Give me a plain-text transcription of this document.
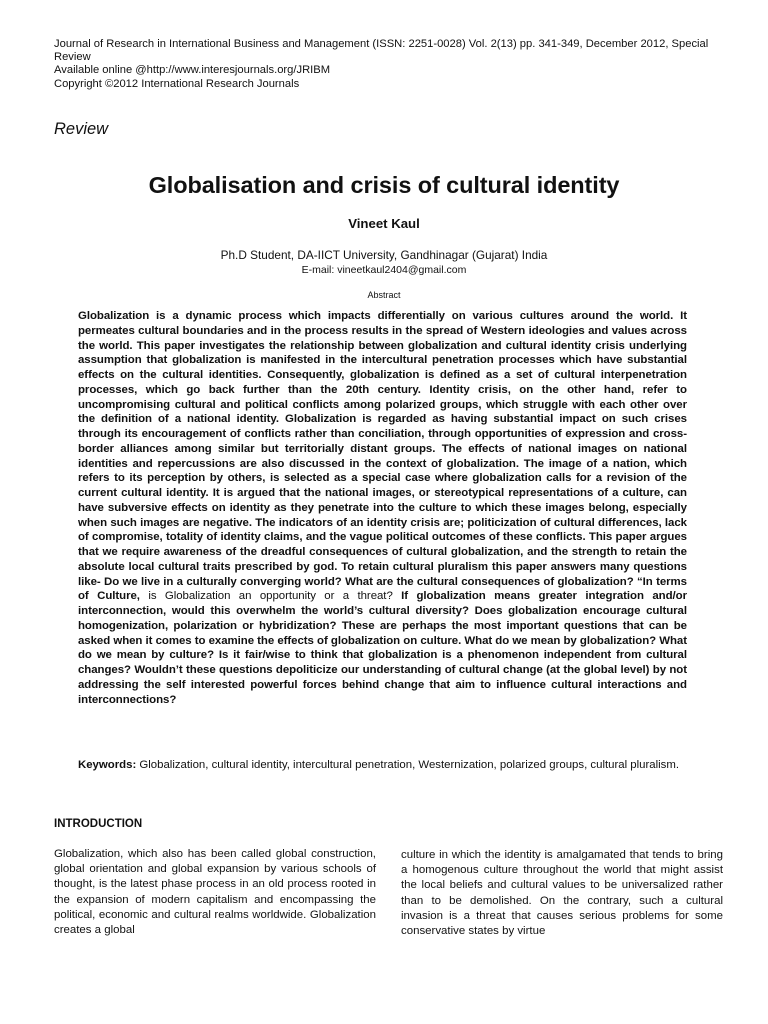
Journal of Research in International Business and Management (ISSN: 2251-0028) Vol. 2(13) pp. 341-349, December 2012, Special Review
Available online @http://www.interesjournals.org/JRIBM
Copyright ©2012 International Research Journals
Review
Globalisation and crisis of cultural identity
Vineet Kaul
Ph.D Student, DA-IICT University, Gandhinagar (Gujarat) India
E-mail: vineetkaul2404@gmail.com
Abstract
Globalization is a dynamic process which impacts differentially on various cultures around the world. It permeates cultural boundaries and in the process results in the spread of Western ideologies and values across the world. This paper investigates the relationship between globalization and cultural identity crisis underlying assumption that globalization is manifested in the intercultural penetration processes which have substantial effects on the cultural identities. Consequently, globalization is defined as a set of cultural interpenetration processes, which go back further than the 20th century. Identity crisis, on the other hand, refer to uncompromising cultural and political conflicts among polarized groups, which struggle with each other over the definition of a national identity. Globalization is regarded as having substantial impact on such crises through its encouragement of conflicts rather than conciliation, through opportunities of expression and cross-border alliances among similar but territorially distant groups. The effects of national images on national identities and repercussions are also discussed in the context of globalization. The image of a nation, which refers to its perception by others, is selected as a special case where globalization calls for a revision of the current cultural identity. It is argued that the national images, or stereotypical representations of a culture, can have subversive effects on identity as they penetrate into the culture to which these images belong, especially when such images are negative. The indicators of an identity crisis are; politicization of cultural differences, lack of compromise, totality of identity claims, and the vague political outcomes of these conflicts. This paper argues that we require awareness of the dreadful consequences of cultural globalization, and the strength to retain the absolute local cultural traits prescribed by god. To retain cultural pluralism this paper answers many questions like- Do we live in a culturally converging world? What are the cultural consequences of globalization? “In terms of Culture, is Globalization an opportunity or a threat? If globalization means greater integration and/or interconnection, would this overwhelm the world’s cultural diversity? Does globalization encourage cultural homogenization, polarization or hybridization? These are perhaps the most important questions that can be asked when it comes to examine the effects of globalization on culture. What do we mean by globalization? What do we mean by culture? Is it fair/wise to think that globalization is a phenomenon independent from cultural changes? Wouldn’t these questions depoliticize our understanding of cultural change (at the global level) by not addressing the self interested powerful forces behind change that aim to influence cultural interactions and interconnections?
Keywords: Globalization, cultural identity, intercultural penetration, Westernization, polarized groups, cultural pluralism.
INTRODUCTION
Globalization, which also has been called global construction, global orientation and global expansion by various schools of thought, is the latest phase process in an old process rooted in the expansion of modern capitalism and encompassing the political, economic and cultural realms worldwide. Globalization creates a global
culture in which the identity is amalgamated that tends to bring a homogenous culture throughout the world that might assist the local beliefs and cultural values to be universalized rather than to be demolished. On the contrary, such a cultural invasion is a threat that causes serious problems for some conservative states by virtue
